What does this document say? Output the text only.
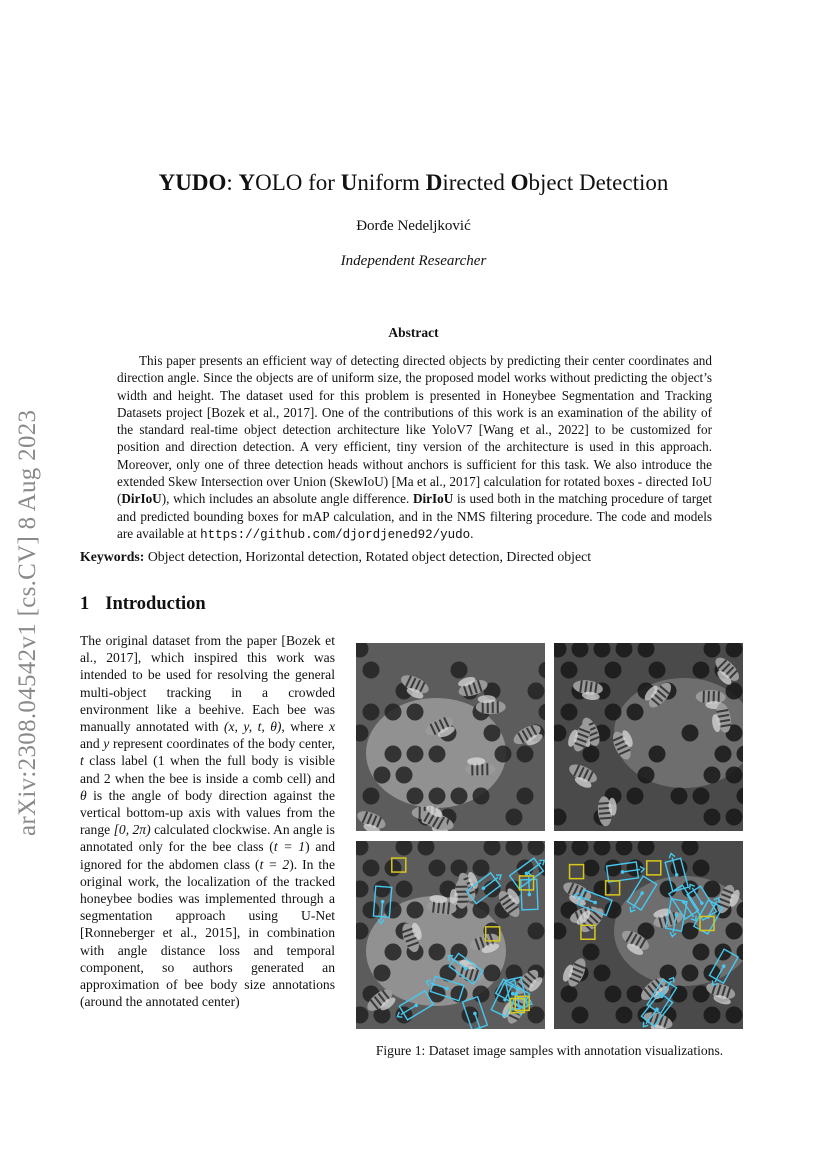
arXiv:2308.04542v1 [cs.CV] 8 Aug 2023
YUDO: YOLO for Uniform Directed Object Detection
Đorđe Nedeljković
Independent Researcher
Abstract
This paper presents an efficient way of detecting directed objects by predicting their center coordinates and direction angle. Since the objects are of uniform size, the proposed model works without predicting the object’s width and height. The dataset used for this problem is presented in Honeybee Segmentation and Tracking Datasets project [Bozek et al., 2017]. One of the contributions of this work is an examination of the ability of the standard real-time object detection architecture like YoloV7 [Wang et al., 2022] to be customized for position and direction detection. A very efficient, tiny version of the architecture is used in this approach. Moreover, only one of three detection heads without anchors is sufficient for this task. We also introduce the extended Skew Intersection over Union (SkewIoU) [Ma et al., 2017] calculation for rotated boxes - directed IoU (DirIoU), which includes an absolute angle difference. DirIoU is used both in the matching procedure of target and predicted bounding boxes for mAP calculation, and in the NMS filtering procedure. The code and models are available at https://github.com/djordjened92/yudo.
Keywords: Object detection, Horizontal detection, Rotated object detection, Directed object
1 Introduction
The original dataset from the paper [Bozek et al., 2017], which inspired this work was intended to be used for resolving the general multi-object tracking in a crowded environment like a beehive. Each bee was manually annotated with (x, y, t, θ), where x and y represent coordinates of the body center, t class label (1 when the full body is visible and 2 when the bee is inside a comb cell) and θ is the angle of body direction against the vertical bottom-up axis with values from the range [0, 2π) calculated clockwise. An angle is annotated only for the bee class (t = 1) and ignored for the abdomen class (t = 2). In the original work, the localization of the tracked honeybee bodies was implemented through a segmentation approach using U-Net [Ronneberger et al., 2015], in combination with angle distance loss and temporal component, so authors generated an approximation of bee body size annotations (around the annotated center)
Figure 1: Dataset image samples with annotation visualizations.
